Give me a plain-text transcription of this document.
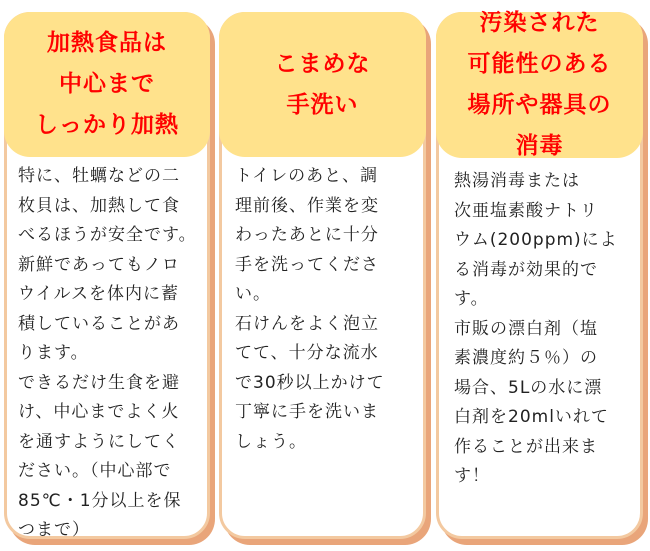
加熱食品は
中心まで
しっかり加熱
特に、牡蠣などの二
枚貝は、加熱して食
べるほうが安全です。
新鮮であってもノロ
ウイルスを体内に蓄
積していることがあ
ります。
できるだけ生食を避
け、中心までよく火
を通すようにしてく
ださい。（中心部で
85℃・1分以上を保
つまで）
こまめな
手洗い
トイレのあと、調
理前後、作業を変
わったあとに十分
手を洗ってくださ
い。
石けんをよく泡立
てて、十分な流水
で30秒以上かけて
丁寧に手を洗いま
しょう。
汚染された
可能性のある
場所や器具の
消毒
熱湯消毒または
次亜塩素酸ナトリ
ウム(200ppm)によ
る消毒が効果的で
す。
市販の漂白剤（塩
素濃度約５％）の
場合、5Lの水に漂
白剤を20mlいれて
作ることが出来ま
す！
